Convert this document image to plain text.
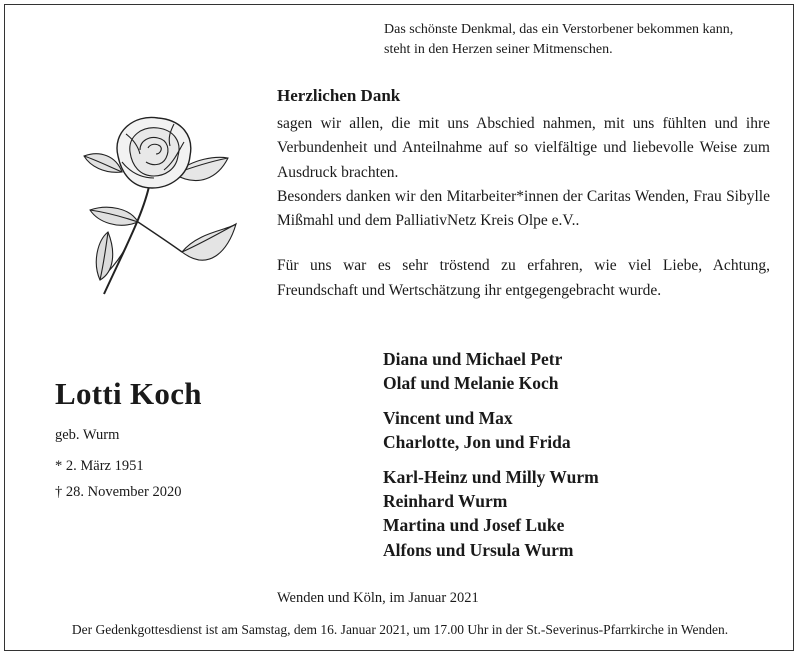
Das schönste Denkmal, das ein Verstorbener bekommen kann,
steht in den Herzen seiner Mitmenschen.
Herzlichen Dank

sagen wir allen, die mit uns Abschied nahmen, mit uns fühlten und ihre Verbundenheit und Anteilnahme auf so vielfältige und liebevolle Weise zum Ausdruck brachten.

Besonders danken wir den Mitarbeiter*innen der Caritas Wenden, Frau Sibylle Mißmahl und dem PalliativNetz Kreis Olpe e.V..

Für uns war es sehr tröstend zu erfahren, wie viel Liebe, Achtung, Freundschaft und Wertschätzung ihr entgegengebracht wurde.

Lotti Koch
geb. Wurm
* 2. März 1951
† 28. November 2020
Diana und Michael Petr
Olaf und Melanie Koch
Vincent und Max
Charlotte, Jon und Frida
Karl-Heinz und Milly Wurm
Reinhard Wurm
Martina und Josef Luke
Alfons und Ursula Wurm
Wenden und Köln, im Januar 2021
Der Gedenkgottesdienst ist am Samstag, dem 16. Januar 2021, um 17.00 Uhr in der St.-Severinus-Pfarrkirche in Wenden.
